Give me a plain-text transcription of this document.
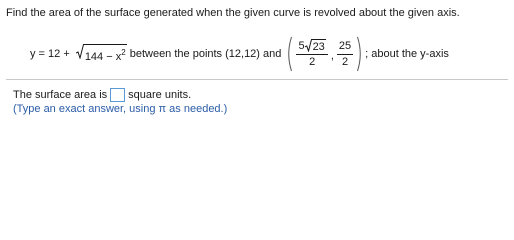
Find the area of the surface generated when the given curve is revolved about the given axis.
$y = 12 + 144 - x^2$ between the points (12,12) and $\frac{5 23}{2}$ , $\frac{25}{2}$ ; about the y-axis
The surface area is square units.
(Type an exact answer, using π as needed.)
